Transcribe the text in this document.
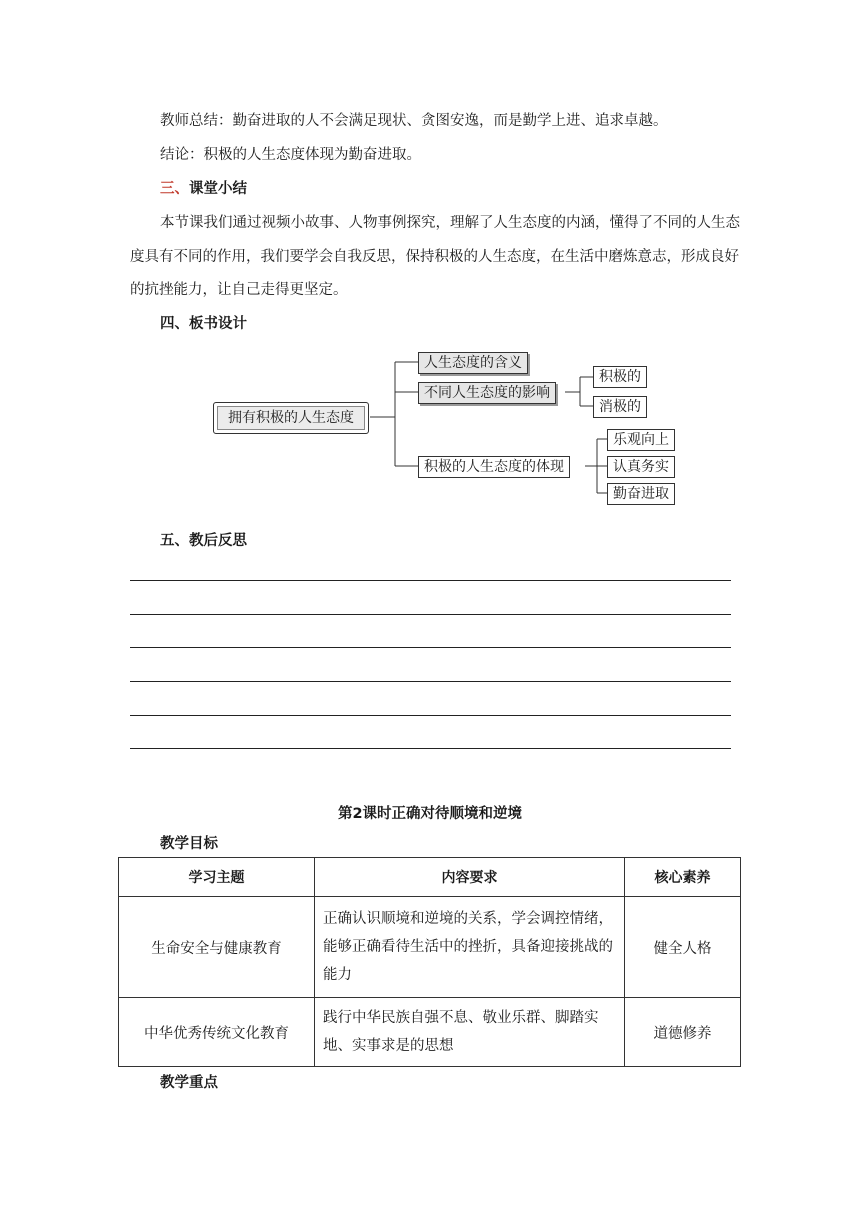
教师总结：勤奋进取的人不会满足现状、贪图安逸，而是勤学上进、追求卓越。
结论：积极的人生态度体现为勤奋进取。
三、课堂小结
本节课我们通过视频小故事、人物事例探究，理解了人生态度的内涵，懂得了不同的人生态度具有不同的作用，我们要学会自我反思，保持积极的人生态度，在生活中磨炼意志，形成良好的抗挫能力，让自己走得更坚定。
四、板书设计
拥有积极的人生态度
人生态度的含义
不同人生态度的影响
积极的人生态度的体现
积极的
消极的
乐观向上
认真务实
勤奋进取
五、教后反思
第2课时正确对待顺境和逆境
教学目标
学习主题	内容要求	核心素养
生命安全与健康教育	正确认识顺境和逆境的关系，学会调控情绪，能够正确看待生活中的挫折，具备迎接挑战的能力	健全人格
中华优秀传统文化教育	践行中华民族自强不息、敬业乐群、脚踏实地、实事求是的思想	道德修养
教学重点
